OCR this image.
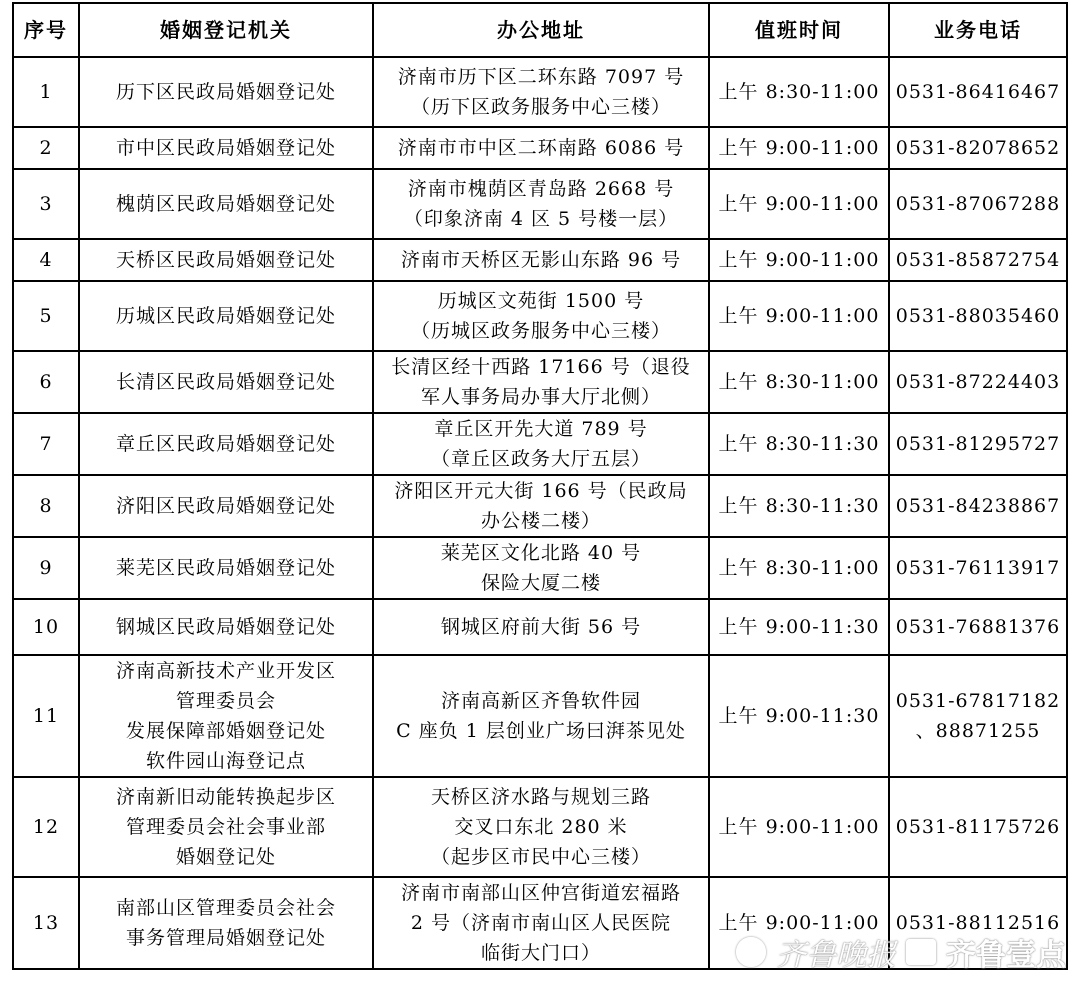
序号	婚姻登记机关	办公地址	值班时间	业务电话
1	历下区民政局婚姻登记处	济南市历下区二环东路 7097 号
（历下区政务服务中心三楼）	上午 8:30-11:00	0531-86416467

2	市中区民政局婚姻登记处	济南市市中区二环南路 6086 号	上午 9:00-11:00	0531-82078652

3	槐荫区民政局婚姻登记处	济南市槐荫区青岛路 2668 号
（印象济南 4 区 5 号楼一层）	上午 9:00-11:00	0531-87067288

4	天桥区民政局婚姻登记处	济南市天桥区无影山东路 96 号	上午 9:00-11:00	0531-85872754

5	历城区民政局婚姻登记处	历城区文苑街 1500 号
（历城区政务服务中心三楼）	上午 9:00-11:00	0531-88035460

6	长清区民政局婚姻登记处	长清区经十西路 17166 号（退役
军人事务局办事大厅北侧）	上午 8:30-11:00	0531-87224403

7	章丘区民政局婚姻登记处	章丘区开先大道 789 号
（章丘区政务大厅五层）	上午 8:30-11:30	0531-81295727

8	济阳区民政局婚姻登记处	济阳区开元大街 166 号（民政局
办公楼二楼）	上午 8:30-11:30	0531-84238867

9	莱芜区民政局婚姻登记处	莱芜区文化北路 40 号
保险大厦二楼	上午 8:30-11:00	0531-76113917

10	钢城区民政局婚姻登记处	钢城区府前大街 56 号	上午 9:00-11:30	0531-76881376

11	济南高新技术产业开发区
管理委员会
发展保障部婚姻登记处
软件园山海登记点	济南高新区齐鲁软件园
C 座负 1 层创业广场曰湃茶见处	上午 9:00-11:30	0531-67817182
、88871255

12	济南新旧动能转换起步区
管理委员会社会事业部
婚姻登记处	天桥区济水路与规划三路
交叉口东北 280 米
（起步区市民中心三楼）	上午 9:00-11:00	0531-81175726

13	南部山区管理委员会社会
事务管理局婚姻登记处	济南市南部山区仲宫街道宏福路
2 号（济南市南山区人民医院
临街大门口）	上午 9:00-11:00	0531-88112516
齐鲁晚报 齐鲁壹点
